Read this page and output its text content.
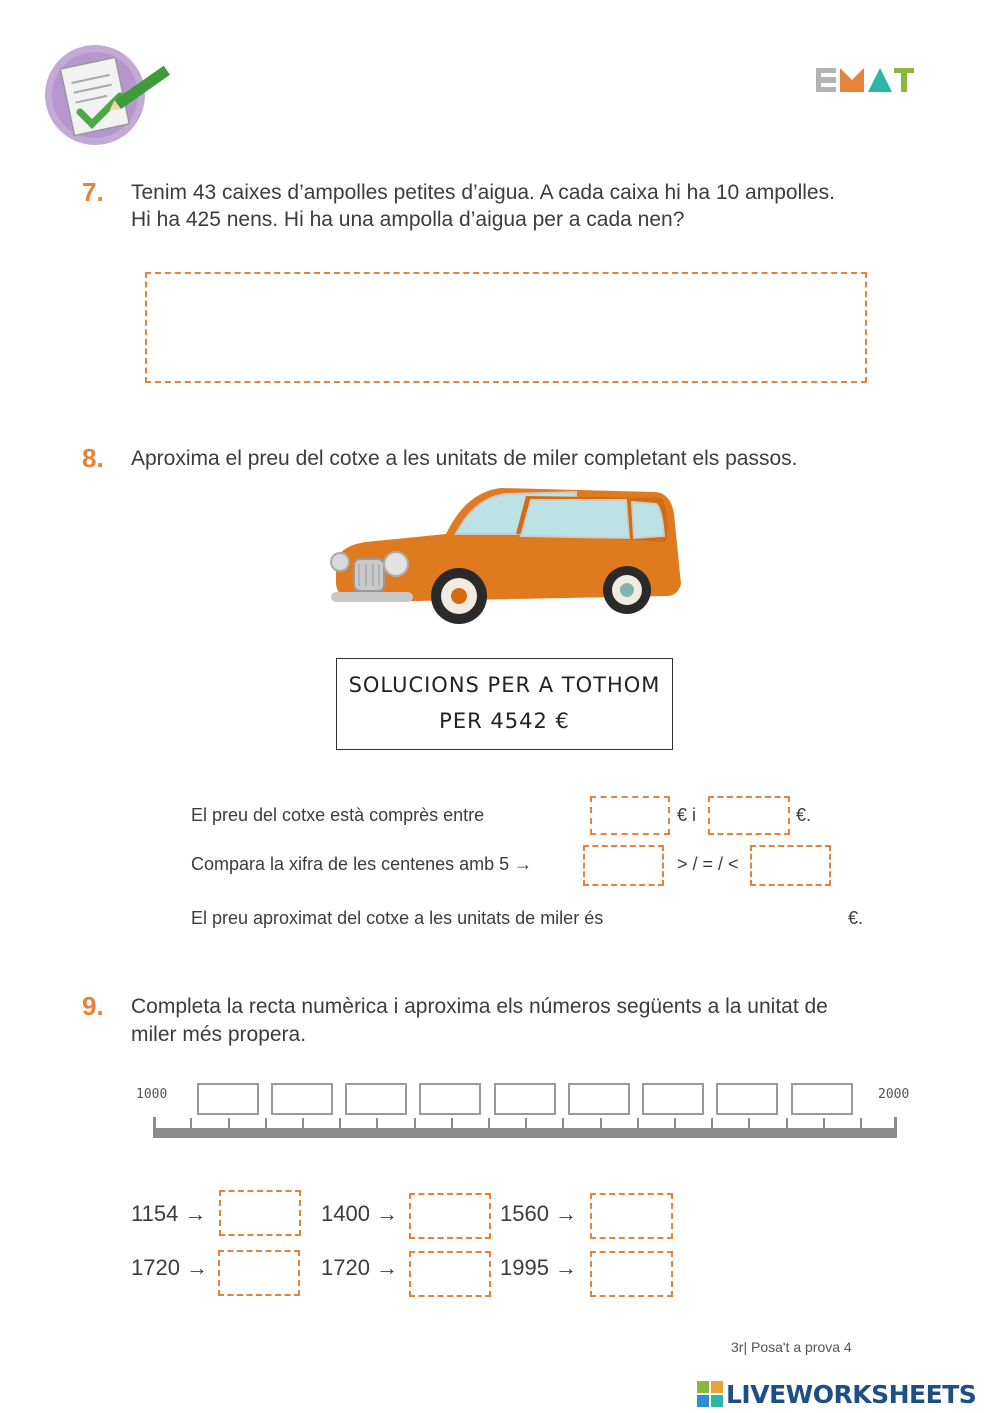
7. Tenim 43 caixes d’ampolles petites d’aigua. A cada caixa hi ha 10 ampolles.
Hi ha 425 nens. Hi ha una ampolla d’aigua per a cada nen?
8. Aproxima el preu del cotxe a les unitats de miler completant els passos.
SOLUCIONS PER A TOTHOM
PER 4542 €
El preu del cotxe està comprès entre	€ i	€.
Compara la xifra de les centenes amb 5 →	> / = / <
El preu aproximat del cotxe a les unitats de miler és	€.
9. Completa la recta numèrica i aproxima els números següents a la unitat de
miler més propera.
1000	2000
1154 →	1400 →	1560 →
1720 →	1720 →	1995 →
3r| Posa't a prova 4
LIVEWORKSHEETS
